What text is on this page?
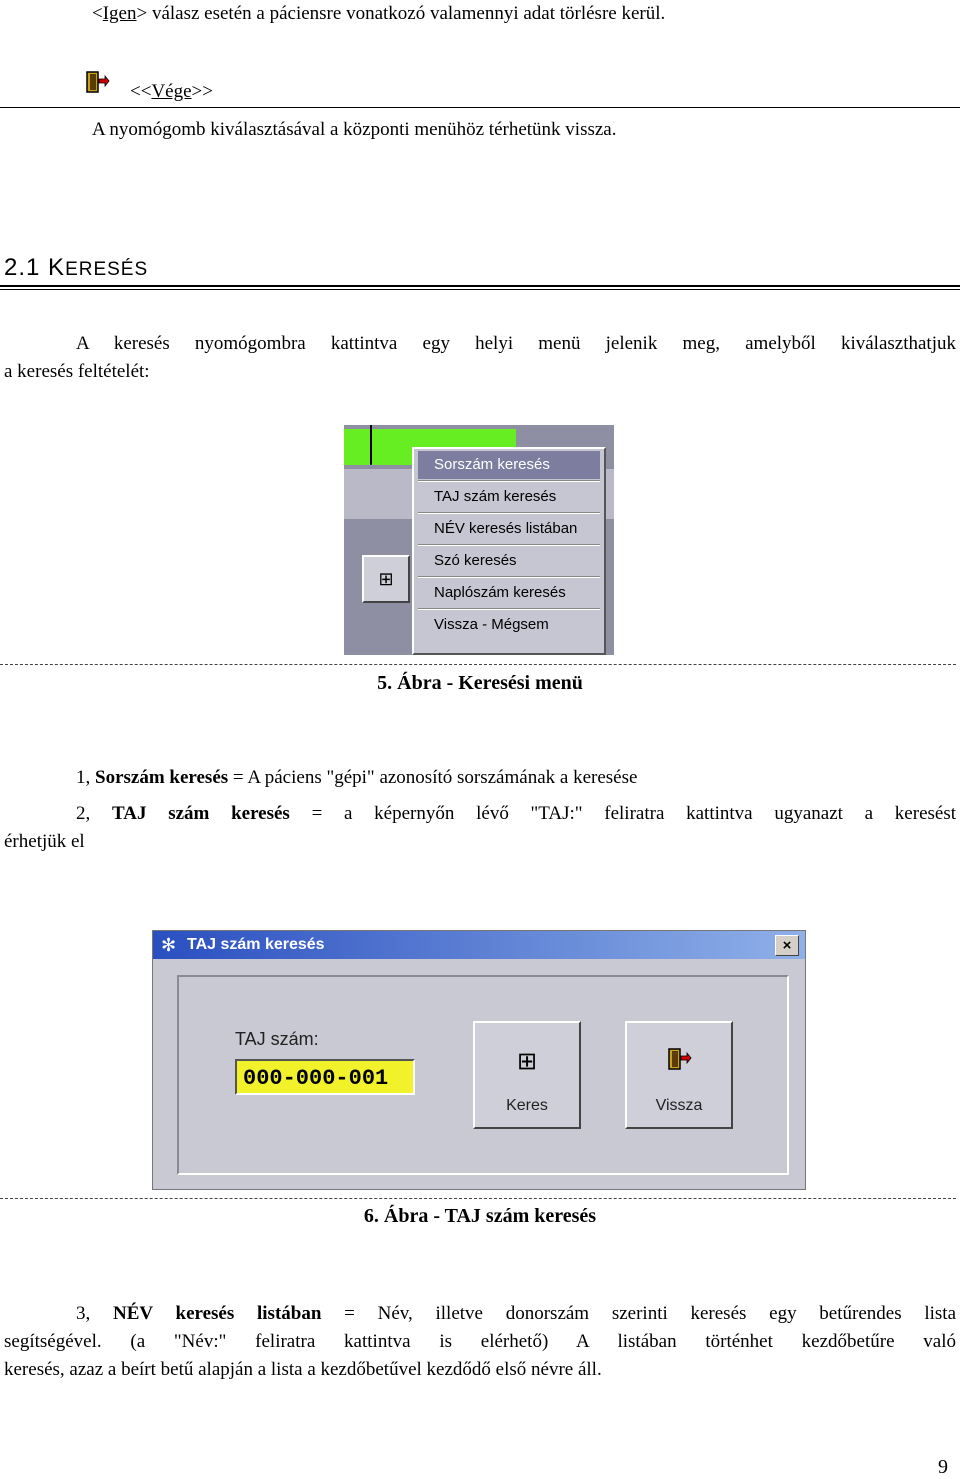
<Igen> válasz esetén a páciensre vonatkozó valamennyi adat törlésre kerül.
<<Vége>>
A nyomógomb kiválasztásával a központi menühöz térhetünk vissza.
2.1 KERESÉS
A keresés nyomógombra kattintva egy helyi menü jelenik meg, amelyből kiválaszthatjuk
a keresés feltételét:
⊞
Sorszám keresés
TAJ szám keresés
NÉV keresés listában
Szó keresés
Naplószám keresés
Vissza - Mégsem
5. Ábra - Keresési menü
1, Sorszám keresés = A páciens "gépi" azonosító sorszámának a keresése
2, TAJ szám keresés = a képernyőn lévő "TAJ:" feliratra kattintva ugyanazt a keresést
érhetjük el
✻ TAJ szám keresés	×
TAJ szám:
000-000-001
⊞
Keres	Vissza
6. Ábra - TAJ szám keresés
3, NÉV keresés listában = Név, illetve donorszám szerinti keresés egy betűrendes lista
segítségével. (a "Név:" feliratra kattintva is elérhető) A listában történhet kezdőbetűre való
keresés, azaz a beírt betű alapján a lista a kezdőbetűvel kezdődő első névre áll.
9
